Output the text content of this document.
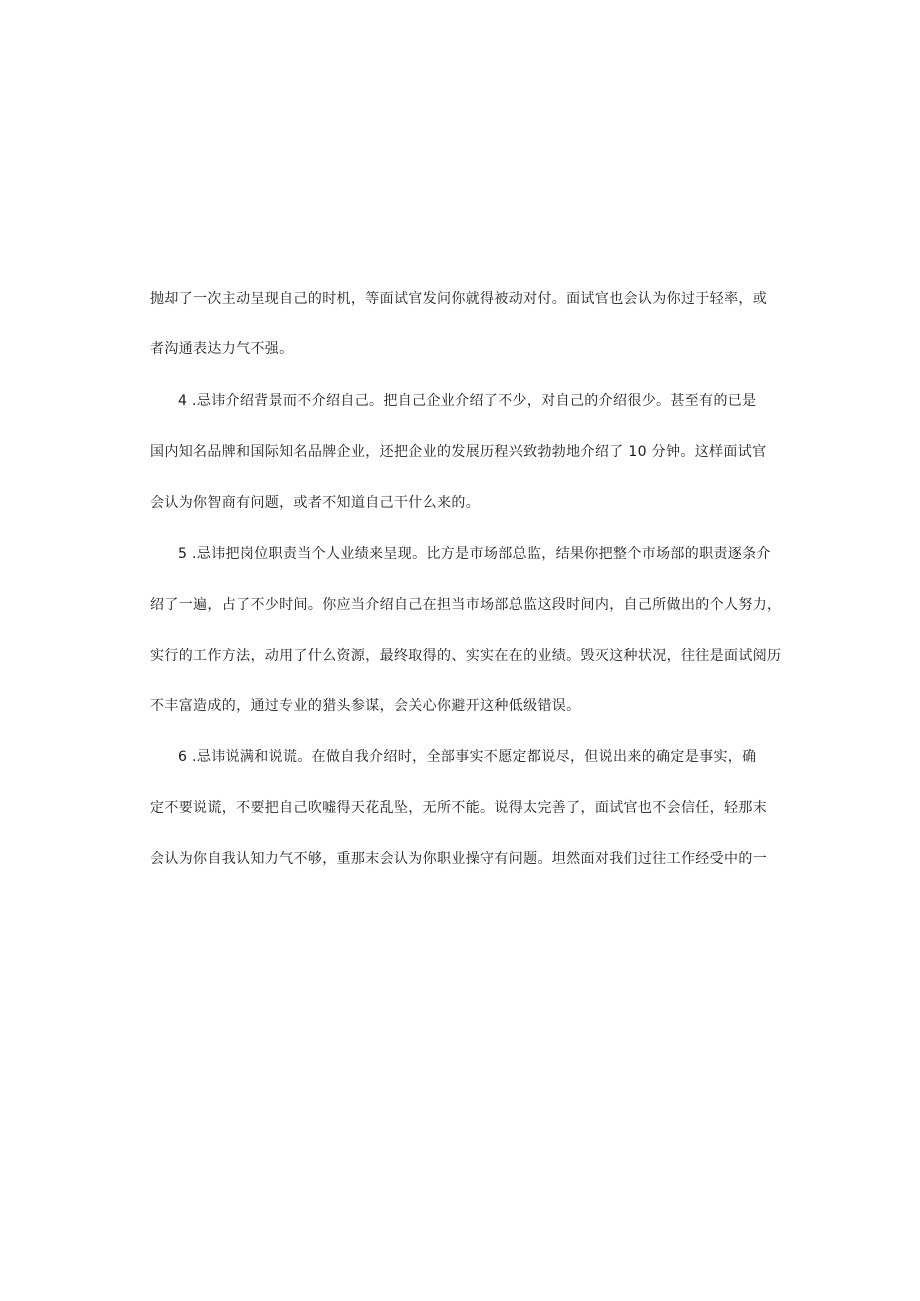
抛却了一次主动呈现自己的时机，等面试官发问你就得被动对付。面试官也会认为你过于轻率，或
者沟通表达力气不强。
4 .忌讳介绍背景而不介绍自己。把自己企业介绍了不少，对自己的介绍很少。甚至有的已是
国内知名品牌和国际知名品牌企业，还把企业的发展历程兴致勃勃地介绍了 10 分钟。这样面试官
会认为你智商有问题，或者不知道自己干什么来的。
5 .忌讳把岗位职责当个人业绩来呈现。比方是市场部总监，结果你把整个市场部的职责逐条介
绍了一遍，占了不少时间。你应当介绍自己在担当市场部总监这段时间内，自己所做出的个人努力，
实行的工作方法，动用了什么资源，最终取得的、实实在在的业绩。毁灭这种状况，往往是面试阅历
不丰富造成的，通过专业的猎头参谋，会关心你避开这种低级错误。
6 .忌讳说满和说谎。在做自我介绍时，全部事实不愿定都说尽，但说出来的确定是事实，确
定不要说谎，不要把自己吹嘘得天花乱坠，无所不能。说得太完善了，面试官也不会信任，轻那末
会认为你自我认知力气不够，重那末会认为你职业操守有问题。坦然面对我们过往工作经受中的一
